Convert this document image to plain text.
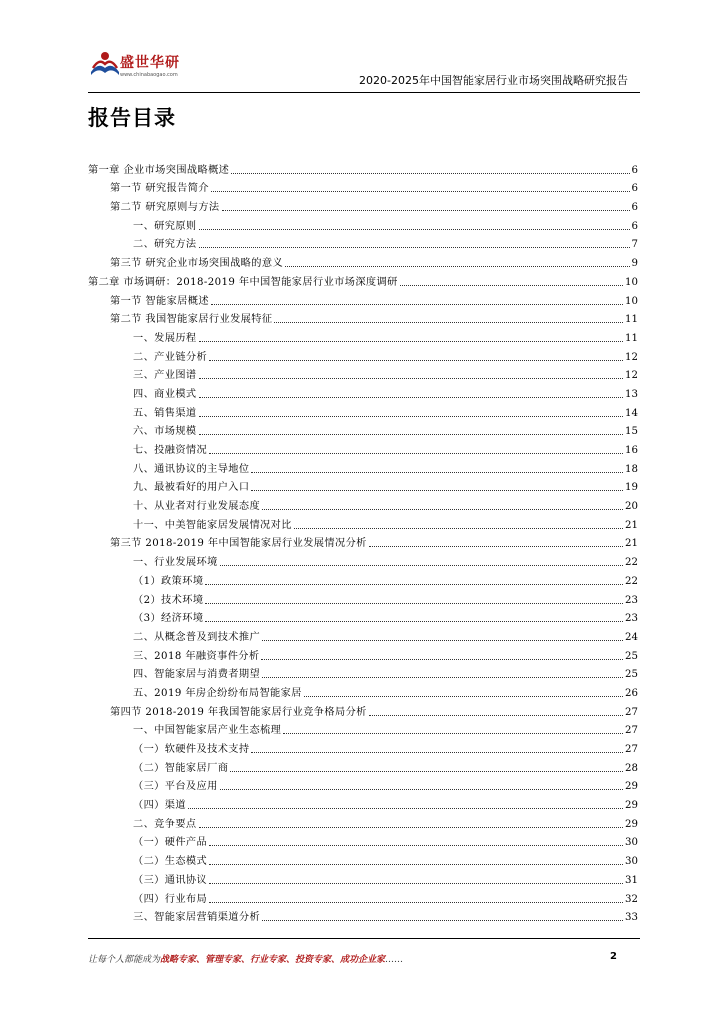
盛世华研
www.chinabaogao.com	2020-2025年中国智能家居行业市场突围战略研究报告
报告目录
第一章 企业市场突围战略概述	6
第一节 研究报告简介	6
第二节 研究原则与方法	6
一、研究原则	6
二、研究方法	7
第三节 研究企业市场突围战略的意义	9
第二章 市场调研：2018-2019 年中国智能家居行业市场深度调研	10
第一节 智能家居概述	10
第二节 我国智能家居行业发展特征	11
一、发展历程	11
二、产业链分析	12
三、产业图谱	12
四、商业模式	13
五、销售渠道	14
六、市场规模	15
七、投融资情况	16
八、通讯协议的主导地位	18
九、最被看好的用户入口	19
十、从业者对行业发展态度	20
十一、中美智能家居发展情况对比	21
第三节 2018-2019 年中国智能家居行业发展情况分析	21
一、行业发展环境	22
（1）政策环境	22
（2）技术环境	23
（3）经济环境	23
二、从概念普及到技术推广	24
三、2018 年融资事件分析	25
四、智能家居与消费者期望	25
五、2019 年房企纷纷布局智能家居	26
第四节 2018-2019 年我国智能家居行业竞争格局分析	27
一、中国智能家居产业生态梳理	27
（一）软硬件及技术支持	27
（二）智能家居厂商	28
（三）平台及应用	29
（四）渠道	29
二、竞争要点	29
（一）硬件产品	30
（二）生态模式	30
（三）通讯协议	31
（四）行业布局	32
三、智能家居营销渠道分析	33
让每个人都能成为战略专家、管理专家、行业专家、投资专家、成功企业家……	2
